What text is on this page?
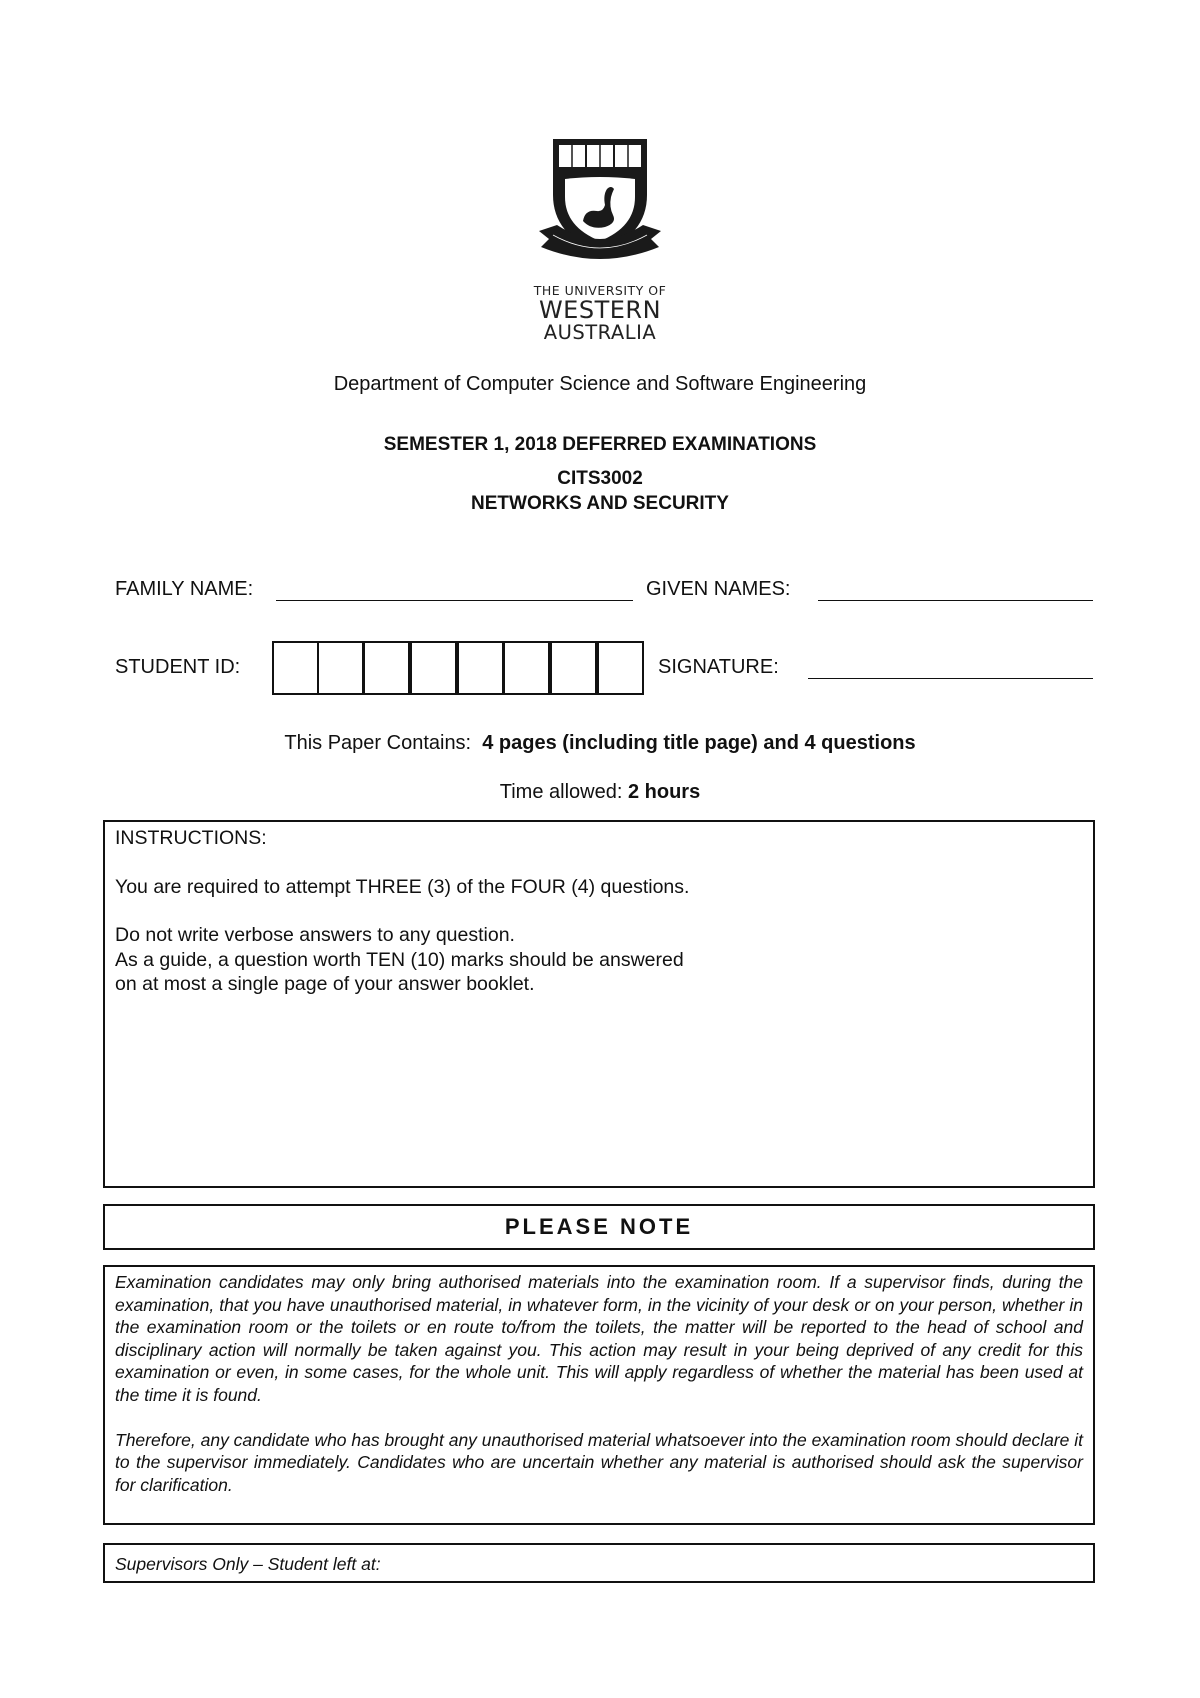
THE UNIVERSITY OF
WESTERN
AUSTRALIA
Department of Computer Science and Software Engineering
SEMESTER 1, 2018 DEFERRED EXAMINATIONS
CITS3002
NETWORKS AND SECURITY
FAMILY NAME:	GIVEN NAMES:
STUDENT ID:	SIGNATURE:
This Paper Contains: 4 pages (including title page) and 4 questions
Time allowed: 2 hours

INSTRUCTIONS:

You are required to attempt THREE (3) of the FOUR (4) questions.

Do not write verbose answers to any question.

As a guide, a question worth TEN (10) marks should be answered

on at most a single page of your answer booklet.

PLEASE NOTE

Examination candidates may only bring authorised materials into the examination room. If a supervisor finds, during the examination, that you have unauthorised material, in whatever form, in the vicinity of your desk or on your person, whether in the examination room or the toilets or en route to/from the toilets, the matter will be reported to the head of school and disciplinary action will normally be taken against you. This action may result in your being deprived of any credit for this examination or even, in some cases, for the whole unit. This will apply regardless of whether the material has been used at the time it is found.

Therefore, any candidate who has brought any unauthorised material whatsoever into the examination room should declare it to the supervisor immediately. Candidates who are uncertain whether any material is authorised should ask the supervisor for clarification.

Supervisors Only – Student left at:
